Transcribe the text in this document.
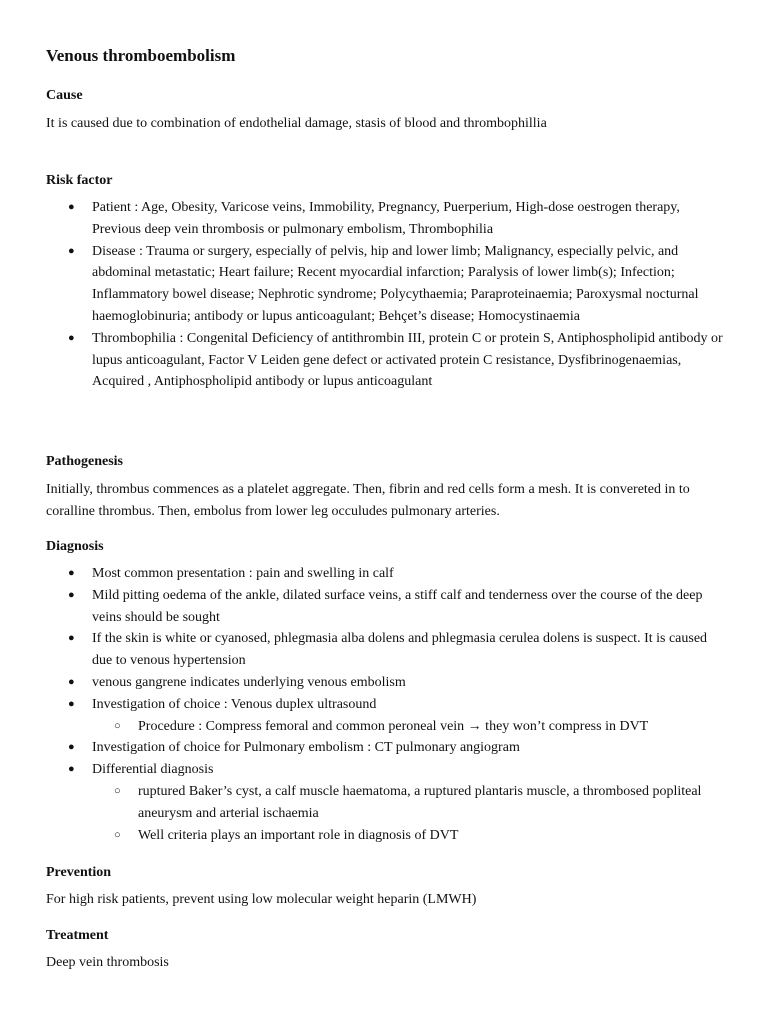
Venous thromboembolism
Cause

It is caused due to combination of endothelial damage, stasis of blood and thrombophillia

Risk factor
● Patient : Age, Obesity, Varicose veins, Immobility, Pregnancy, Puerperium, High-dose oestrogen therapy, Previous deep vein thrombosis or pulmonary embolism, Thrombophilia
● Disease : Trauma or surgery, especially of pelvis, hip and lower limb; Malignancy, especially pelvic, and abdominal metastatic; Heart failure; Recent myocardial infarction; Paralysis of lower limb(s); Infection; Inflammatory bowel disease; Nephrotic syndrome; Polycythaemia; Paraproteinaemia; Paroxysmal nocturnal haemoglobinuria; antibody or lupus anticoagulant; Behçet’s disease; Homocystinaemia
● Thrombophilia : Congenital Deficiency of antithrombin III, protein C or protein S, Antiphospholipid antibody or lupus anticoagulant, Factor V Leiden gene defect or activated protein C resistance, Dysfibrinogenaemias, Acquired , Antiphospholipid antibody or lupus anticoagulant
Pathogenesis

Initially, thrombus commences as a platelet aggregate. Then, fibrin and red cells form a mesh. It is convereted in to coralline thrombus. Then, embolus from lower leg occuludes pulmonary arteries.

Diagnosis
● Most common presentation : pain and swelling in calf
● Mild pitting oedema of the ankle, dilated surface veins, a stiff calf and tenderness over the course of the deep veins should be sought
● If the skin is white or cyanosed, phlegmasia alba dolens and phlegmasia cerulea dolens is suspect. It is caused due to venous hypertension
● venous gangrene indicates underlying venous embolism
● Investigation of choice : Venous duplex ultrasound
○ Procedure : Compress femoral and common peroneal vein → they won’t compress in DVT
● Investigation of choice for Pulmonary embolism : CT pulmonary angiogram
● Differential diagnosis
○ ruptured Baker’s cyst, a calf muscle haematoma, a ruptured plantaris muscle, a thrombosed popliteal aneurysm and arterial ischaemia
○ Well criteria plays an important role in diagnosis of DVT
Prevention

For high risk patients, prevent using low molecular weight heparin (LMWH)

Treatment

Deep vein thrombosis
